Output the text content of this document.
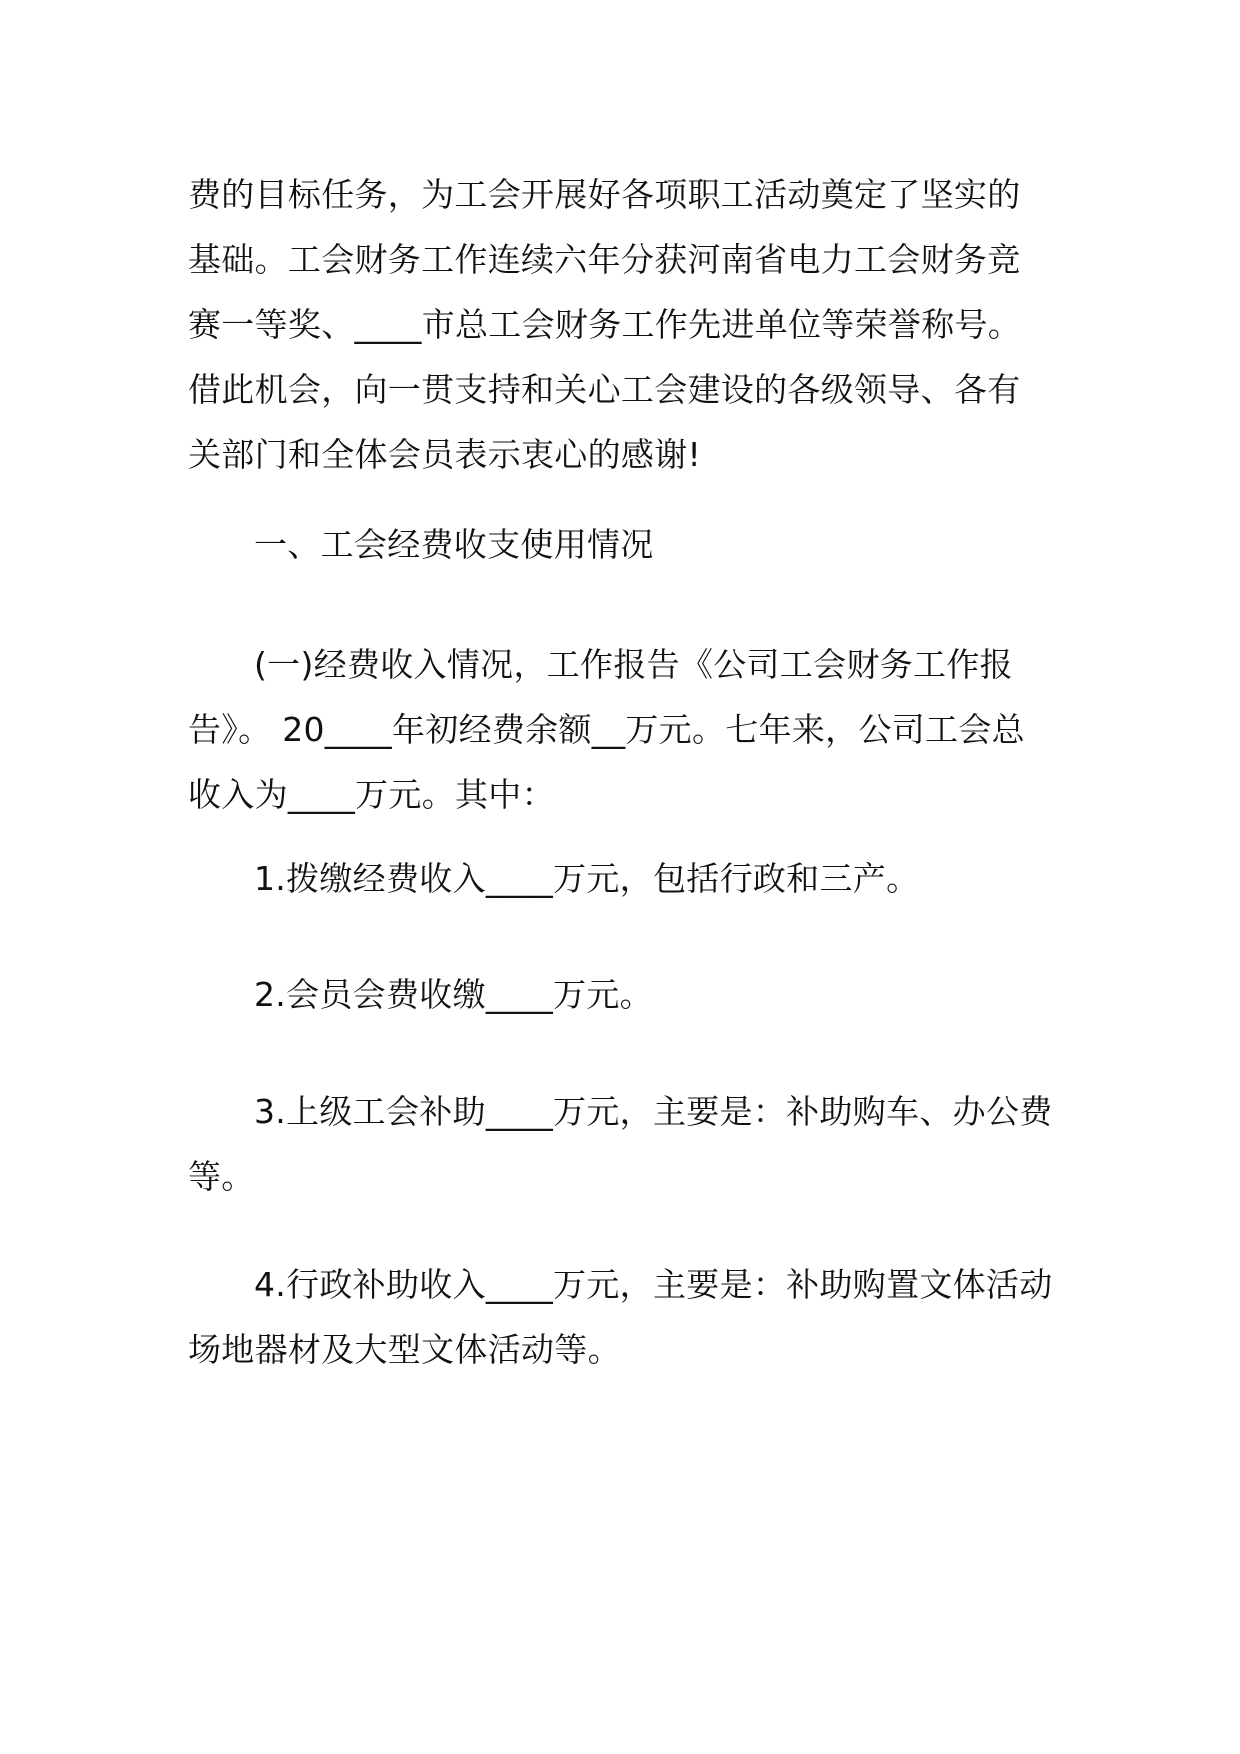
费的目标任务，为工会开展好各项职工活动奠定了坚实的
基础。工会财务工作连续六年分获河南省电力工会财务竞
赛一等奖、____市总工会财务工作先进单位等荣誉称号。
借此机会，向一贯支持和关心工会建设的各级领导、各有
关部门和全体会员表示衷心的感谢!
一、工会经费收支使用情况
(一)经费收入情况，工作报告《公司工会财务工作报
告》。 20____年初经费余额__万元。七年来，公司工会总
收入为____万元。其中：
1.拨缴经费收入____万元，包括行政和三产。
2.会员会费收缴____万元。
3.上级工会补助____万元，主要是：补助购车、办公费
等。
4.行政补助收入____万元，主要是：补助购置文体活动
场地器材及大型文体活动等。
